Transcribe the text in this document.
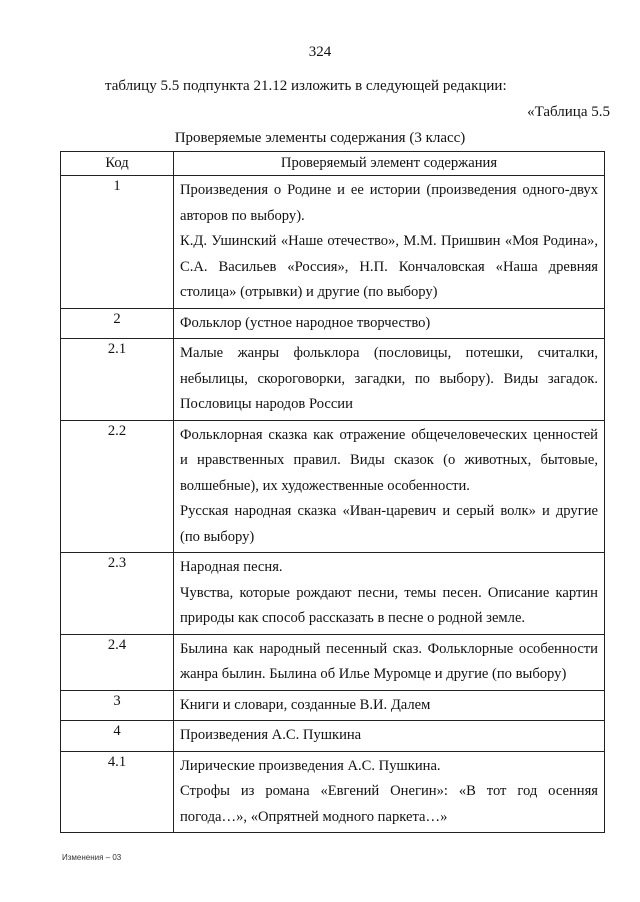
324
таблицу 5.5 подпункта 21.12 изложить в следующей редакции:
«Таблица 5.5
Проверяемые элементы содержания (3 класс)
Код	Проверяемый элемент содержания
1	Произведения о Родине и ее истории (произведения одного-двух авторов по выбору).

К.Д. Ушинский «Наше отечество», М.М. Пришвин «Моя Родина», С.А. Васильев «Россия», Н.П. Кончаловская «Наша древняя столица» (отрывки) и другие (по выбору)

2	Фольклор (устное народное творчество)

2.1	Малые жанры фольклора (пословицы, потешки, считалки, небылицы, скороговорки, загадки, по выбору). Виды загадок. Пословицы народов России

2.2	Фольклорная сказка как отражение общечеловеческих ценностей и нравственных правил. Виды сказок (о животных, бытовые, волшебные), их художественные особенности.

Русская народная сказка «Иван-царевич и серый волк» и другие (по выбору)

2.3	Народная песня.

Чувства, которые рождают песни, темы песен. Описание картин природы как способ рассказать в песне о родной земле.

2.4	Былина как народный песенный сказ. Фольклорные особенности жанра былин. Былина об Илье Муромце и другие (по выбору)

3	Книги и словари, созданные В.И. Далем

4	Произведения А.С. Пушкина

4.1	Лирические произведения А.С. Пушкина.

Строфы из романа «Евгений Онегин»: «В тот год осенняя погода…», «Опрятней модного паркета…»

Изменения – 03
